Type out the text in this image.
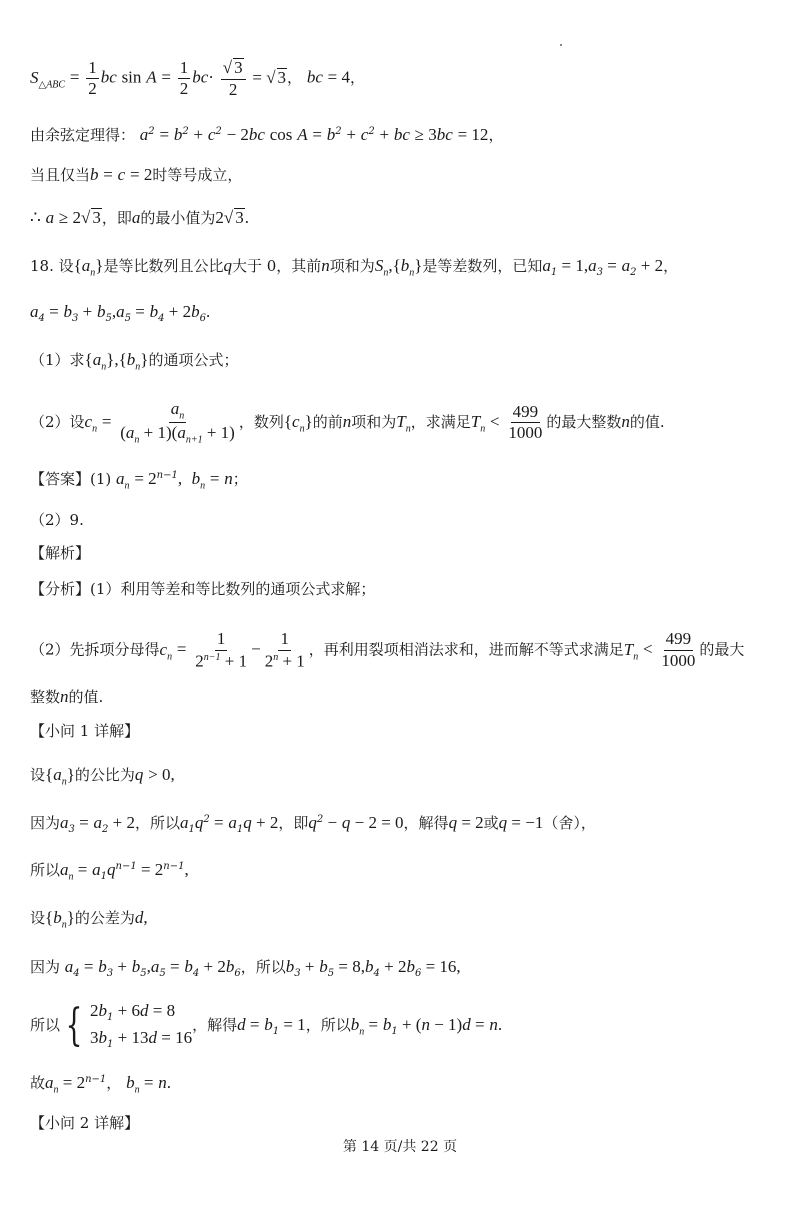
$S_{\triangle ABC} = \frac{1}{2}$ bc $\sin A = \frac{1}{2} bc\cdot \frac{√ 3}{2}$ = √ 3， bc = 4，
由余弦定理得： $a^2 = b^2 + c^2 - 2bc$ $\cos A = b^2 + c^2$ + bc ≥ 3bc = 12，
当且仅当b = c = 2时等号成立，
∴ a ≥ 2√ 3，即a的最小值为2√ 3.
18. 设$\{a_n\}$是等比数列且公比q大于 0，其前n项和为$S_n,\{b_n\}$是等差数列，已知$a_1 = 1,a_3 = a_2 + 2$，
$a_4 = b_3 + b_5,a_5 = b_4 + 2b_6$.
（1）求$\{a_n\},\{b_n\}$的通项公式；
（2）设$c_n = \frac{a_n}{(a_n + 1)(a_{n+1} + 1)}$ ，数列$\{c_n\}$的前n项和为$T_n$，求满足$T_n < \frac{499}{1000}$ 的最大整数n的值.
【答案】(1) $a_n = 2^{n-1}$, $b_n = n$；
（2）9.
【解析】
【分析】(1）利用等差和等比数列的通项公式求解；
（2）先拆项分母得$c_n = \frac{1}{2^{n-1} + 1} - \frac{1}{2^n + 1}$ ，再利用裂项相消法求和，进而解不等式求满足$T_n < \frac{499}{1000}$ 的最大
整数n的值.
【小问 1 详解】
设$\{a_n\}$的公比为q > 0,
因为$a_3 = a_2 + 2$，所以$a_1q^2 = a_1q + 2$，即$q^2 - q - 2 = 0$，解得q = 2或q = −1（舍），
所以$a_n = a_1q^{n-1} = 2^{n-1}$,
设$\{b_n\}$的公差为d,
因为 $a_4 = b_3 + b_5,a_5 = b_4 + 2b_6$，所以$b_3 + b_5 = 8,b_4 + 2b_6 = 16$,
所以 { $2b_1 + 6d = 8$
$3b_1 + 13d = 16$
，解得$d = b_1 = 1$，所以$b_n = b_1 + (n - 1)d = n$.
故$a_n = 2^{n-1}$， $b_n = n$.
【小问 2 详解】
第 14 页/共 22 页
